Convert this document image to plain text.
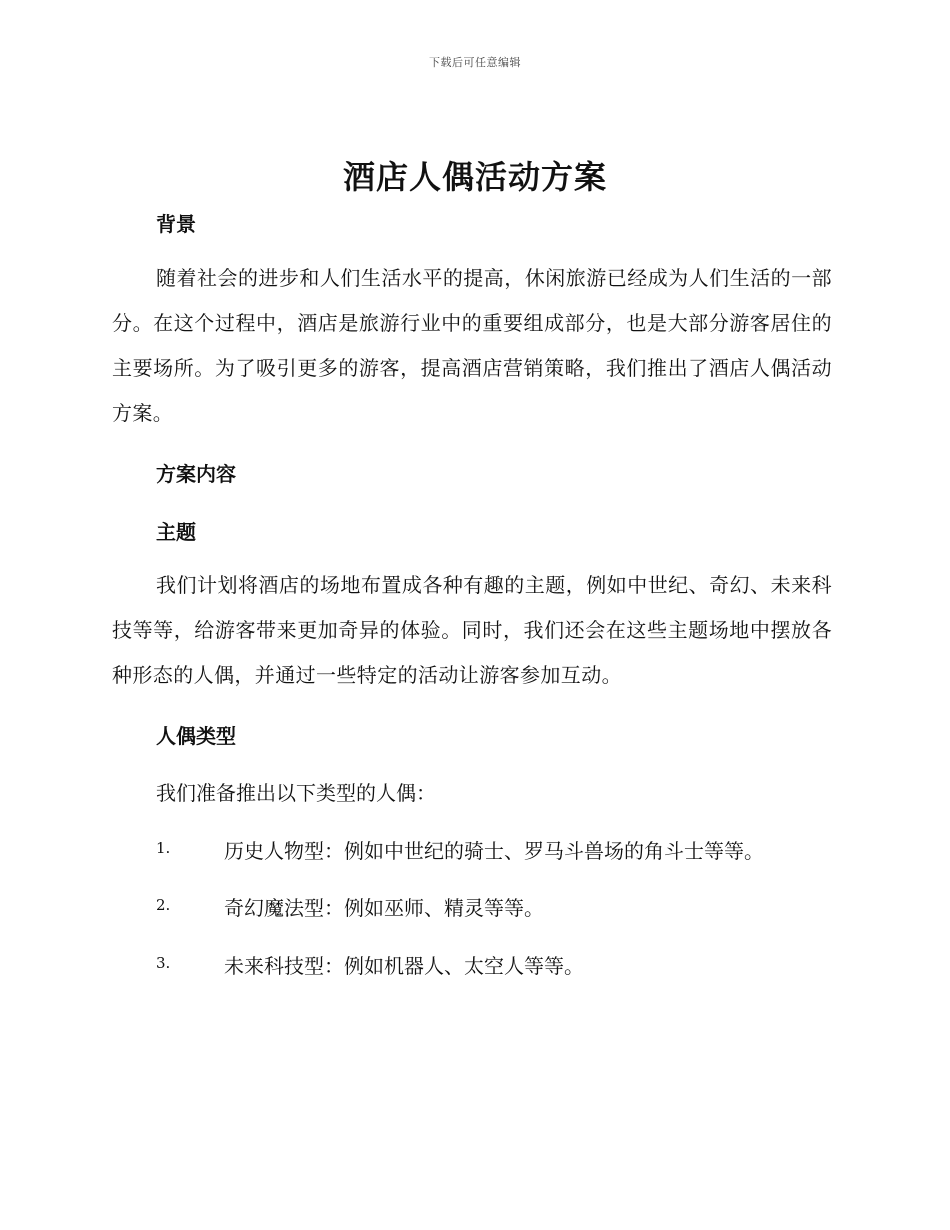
下载后可任意编辑
酒店人偶活动方案
背景

随着社会的进步和人们生活水平的提高，休闲旅游已经成为人们生活的一部分。在这个过程中，酒店是旅游行业中的重要组成部分，也是大部分游客居住的主要场所。为了吸引更多的游客，提高酒店营销策略，我们推出了酒店人偶活动方案。

方案内容
主题

我们计划将酒店的场地布置成各种有趣的主题，例如中世纪、奇幻、未来科技等等，给游客带来更加奇异的体验。同时，我们还会在这些主题场地中摆放各种形态的人偶，并通过一些特定的活动让游客参加互动。

人偶类型

我们准备推出以下类型的人偶：

1.	历史人物型：例如中世纪的骑士、罗马斗兽场的角斗士等等。
2.	奇幻魔法型：例如巫师、精灵等等。
3.	未来科技型：例如机器人、太空人等等。
